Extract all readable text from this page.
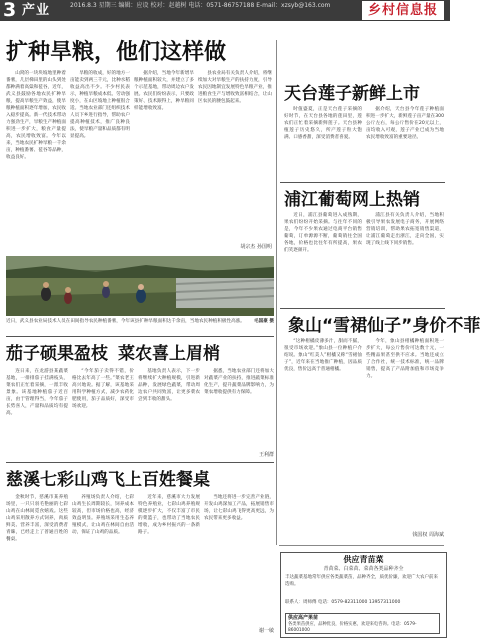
3 产业	2016.8.3 星期三 编辑：应设 校对：赵越树 电话：0571-86757188 E-mail：xzsyb@163.com	乡村信息报
扩种旱粮，他们这样做

山窝的一块块坡地里种着番薯，几层梯田里的山头到处都种满着高粱和苞谷，近年，武义县鼓励各地农民扩种旱粮，提高旱粮生产效益，使旱粮种植面积逐年增加，农民收入稳步提高。新一代技术带动力强劲生产，旱粮生产种植面积进一步扩大，粮食产量提高，农民增收致富。今年以来，当地农民扩种旱粮一千余亩，种植番薯、苞谷等品种，收益良好。

旱粮的收成，好的地方一亩能卖到两三千元，比种水稻收益高出不少。不少村民表示，种植旱粮成本低、劳动强度小，在山区坡地上种植很合适。当地农业部门还组织技术人员下乡进行指导，帮助农户提高种植技术，推广良种良法，使旱粮产量和品质都有明显提高。

据介绍，当地今年新增旱粮种植面积较大，并建立了多个示范基地，带动周边农户发展。农民们纷纷表示，只要政策好、技术跟得上，种旱粮同样能增收致富。

县农业局有关负责人介绍，将继续加大对旱粮生产的扶持力度，引导农民因地制宜发展特色旱粮产业，推进粮食生产与增收致富相结合，让山区农民的腰包鼓起来。

胡宗杰 孙国明
近日，武义县农业局技术人员在田间指导农民种植番薯，今年该县扩种旱粮面积达千余亩，当地农民种植积极性高涨。 毛国豪 摄
天台莲子新鲜上市

时值盛夏，正是天台莲子采摘的好时节，在天台县各地的莲田里，莲农们正忙着采摘新鲜莲子。天台县种植莲子历史悠久，所产莲子粒大饱满、口感香甜，深受消费者喜爱。

据介绍，天台县今年莲子种植面积进一步扩大，新鲜莲子亩产量在300公斤左右，每公斤售价在20元以上，亩均收入可观，莲子产业已成为当地农民增收致富的重要途径。

浦江葡萄网上热销

近日，浦江县葡萄进入成熟期，果农们纷纷开始采摘。与往年不同的是，今年不少果农通过电商平台销售葡萄，订单源源不断，葡萄销往全国各地，价格也比往年有所提高，果农们笑逐颜开。

浦江县有关负责人介绍，当地积极引导果农发展电子商务，开展网络营销培训，帮助果农拓宽销售渠道，让浦江葡萄走出浙江，走向全国，实现了线上线下同步销售。

象山“雪裙仙子”身价不菲

“这种柑橘皮薄多汁，甜而不腻，很受市场欢迎。”象山县一位种植户介绍说。象山“红美人”柑橘又称“雪裙仙子”，近年来在当地推广种植，因品质优良，售价远高于普通柑橘。

今年，象山县柑橘种植面积进一步扩大，每公斤售价可达数十元，一些精品果甚至供不应求。当地还成立了合作社，统一技术标准，统一品牌销售，提高了产品附加值和市场竞争力。

钱国权 周海斌
茄子硕果盈枝 菜农喜上眉梢

连日来，在龙游县某蔬菜基地，一排排茄子挂满枝头，菜农们正忙着采摘，一派丰收景象。该基地种植茄子近百亩，由于管理得当，今年茄子长势喜人，产量和品质均有提高。

“今年茄子卖得不错，价格比去年高了一些。”菜农老王高兴地说。据了解，该基地采用科学种植方式，减少农药化肥使用，茄子品质好，深受市场欢迎。

基地负责人表示，下一步将继续扩大种植规模，引进新品种，发展绿色蔬菜，带动周边农户共同致富，让更多菜农尝到丰收的甜头。

据悉，当地农业部门还将加大对蔬菜产业的扶持，推进蔬菜标准化生产，提升蔬菜品牌影响力，为菜农增收提供有力保障。

王利群
慈溪七彩山鸡飞上百姓餐桌

金秋时节，慈溪市某养殖场里，一只只羽毛艳丽的七彩山鸡在山林间觅食嬉戏。这些山鸡采用散养方式饲养，肉质鲜美、营养丰富，深受消费者青睐，已经走上了普通百姓的餐桌。

养殖场负责人介绍，七彩山鸡生长周期较长，饲养成本较高，但市场价格也高，经济效益明显。养殖场采用生态养殖模式，让山鸡在林间自由活动，保证了山鸡的品质。

近年来，慈溪市大力发展特色养殖业，七彩山鸡养殖规模逐步扩大，不仅丰富了市民的菜篮子，也带动了当地农民增收，成为乡村振兴的一条新路子。

当地还将进一步完善产业链，开发山鸡深加工产品，拓展销售市场，让七彩山鸡飞得更高更远，为农民带来更多收益。

谢一敏
供应青苗菜
青苗菜、白菜苗、菜苗各类品种齐全
丰达蔬菜基地常年供应各类蔬菜苗，品种齐全，质优价廉，欢迎广大农户前来选购。
联系人：周师傅 电话：0579-82311000 13957311000
供应高产果苗
各类果苗供应，品种优良，价格实惠，欢迎来电咨询。电话：0579-86001000
